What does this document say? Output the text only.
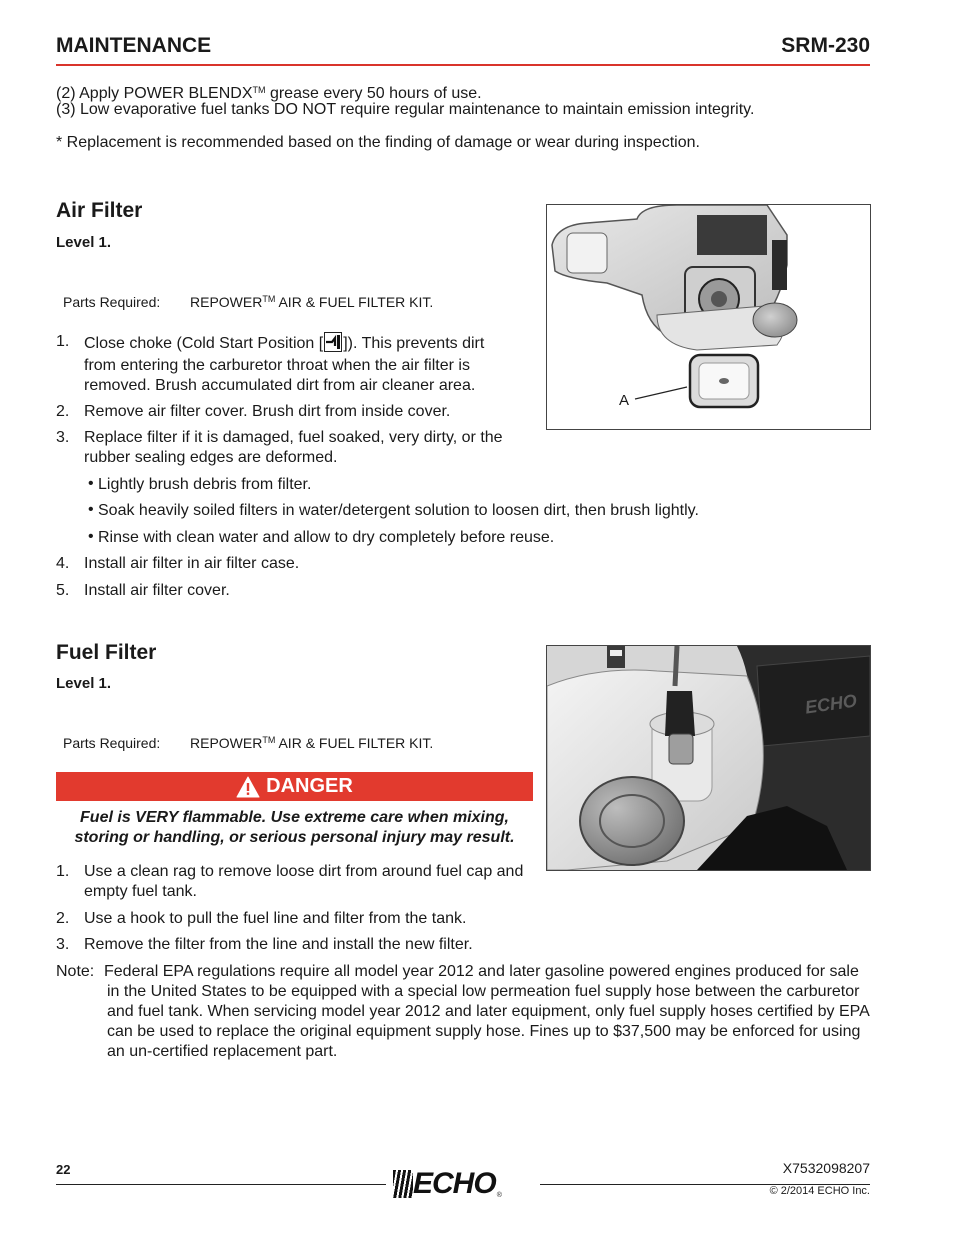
MAINTENANCE	SRM-230
(2) Apply POWER BLENDX™ grease every 50 hours of use.
(3) Low evaporative fuel tanks DO NOT require regular maintenance to maintain emission integrity.
* Replacement is recommended based on the finding of damage or wear during inspection.
Air Filter
Level 1.
Parts Required: REPOWER™ AIR & FUEL FILTER KIT.
A
1. Close choke (Cold Start Position [ ]). This prevents dirt
from entering the carburetor throat when the air filter is removed. Brush accumulated dirt from air cleaner area.
2. Remove air filter cover. Brush dirt from inside cover.
3. Replace filter if it is damaged, fuel soaked, very dirty, or the rubber sealing edges are deformed.
• Lightly brush debris from filter.
• Soak heavily soiled filters in water/detergent solution to loosen dirt, then brush lightly.
• Rinse with clean water and allow to dry completely before reuse.
4. Install air filter in air filter case.
5. Install air filter cover.
Fuel Filter
Level 1.
Parts Required: REPOWER™ AIR & FUEL FILTER KIT.
ECHO
DANGER
Fuel is VERY flammable. Use extreme care when mixing, storing or handling, or serious personal injury may result.
1. Use a clean rag to remove loose dirt from around fuel cap and empty fuel tank.
2. Use a hook to pull the fuel line and filter from the tank.
3. Remove the filter from the line and install the new filter.
Note: Federal EPA regulations require all model year 2012 and later gasoline powered engines produced for sale in the United States to be equipped with a special low permeation fuel supply hose between the carburetor and fuel tank. When servicing model year 2012 and later equipment, only fuel supply hoses certified by EPA can be used to replace the original equipment supply hose. Fines up to $37,500 may be enforced for using an un-certified replacement part.
22	X7532098207
© 2/2014 ECHO Inc.
ECHO ®
